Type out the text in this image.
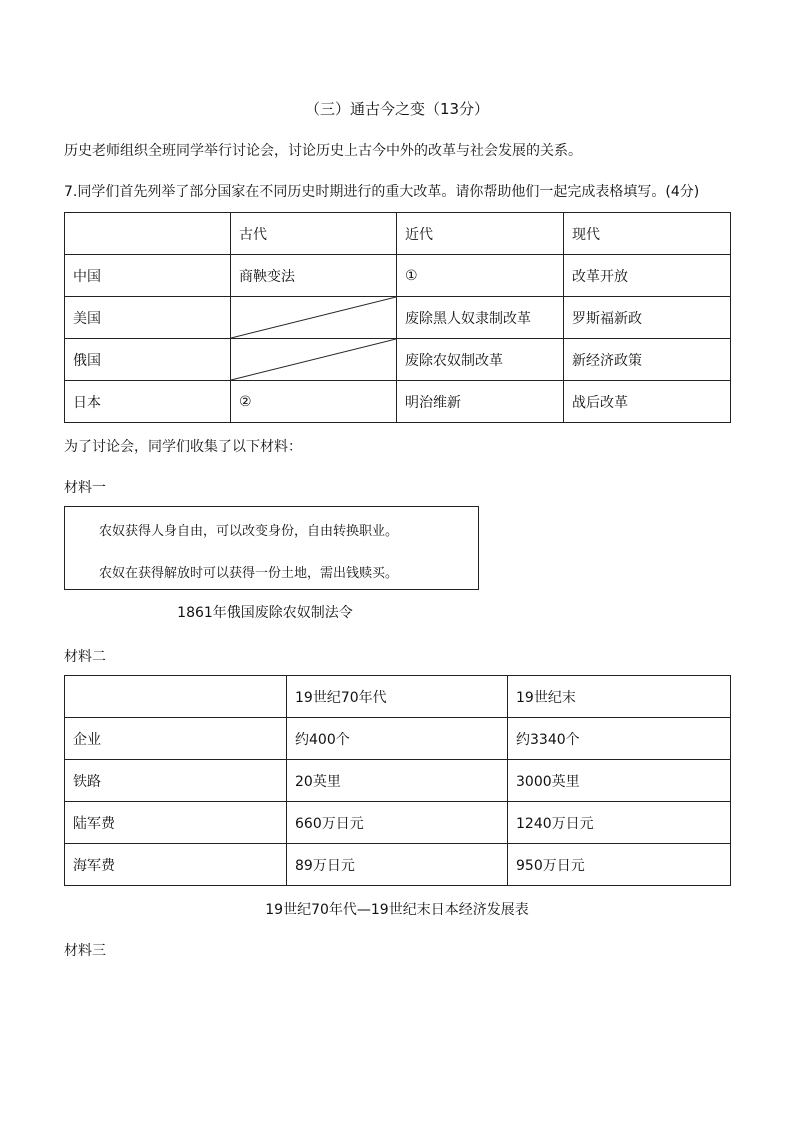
（三）通古今之变（13分）
历史老师组织全班同学举行讨论会，讨论历史上古今中外的改革与社会发展的关系。
7.同学们首先列举了部分国家在不同历史时期进行的重大改革。请你帮助他们一起完成表格填写。(4分)
	古代	近代	现代
中国	商鞅变法	①	改革开放
美国		废除黑人奴隶制改革	罗斯福新政
俄国		废除农奴制改革	新经济政策
日本	②	明治维新	战后改革
为了讨论会，同学们收集了以下材料：
材料一
农奴获得人身自由，可以改变身份，自由转换职业。
农奴在获得解放时可以获得一份土地，需出钱赎买。
1861年俄国废除农奴制法令
材料二
	19世纪70年代	19世纪末
企业	约400个	约3340个
铁路	20英里	3000英里
陆军费	660万日元	1240万日元
海军费	89万日元	950万日元
19世纪70年代—19世纪末日本经济发展表
材料三
